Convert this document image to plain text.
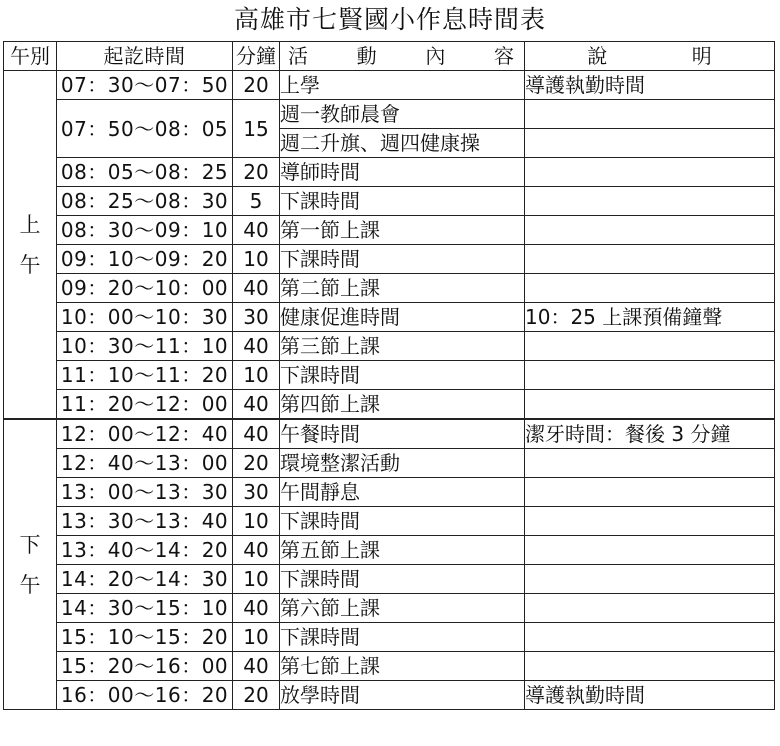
高雄市七賢國小作息時間表
午別	起訖時間	分鐘	活 動 內 容	說 明

上
午	07：30～07：50	20	上學	導護執勤時間
	07：50～08：05	15	週一教師晨會	
			週二升旗、週四健康操	
	08：05～08：25	20	導師時間	
	08：25～08：30	5	下課時間	
	08：30～09：10	40	第一節上課	
	09：10～09：20	10	下課時間	
	09：20～10：00	40	第二節上課	
	10：00～10：30	30	健康促進時間	10：25 上課預備鐘聲
	10：30～11：10	40	第三節上課	
	11：10～11：20	10	下課時間	
	11：20～12：00	40	第四節上課	

下
午	12：00～12：40	40	午餐時間	潔牙時間：餐後 3 分鐘
	12：40～13：00	20	環境整潔活動	
	13：00～13：30	30	午間靜息	
	13：30～13：40	10	下課時間	
	13：40～14：20	40	第五節上課	
	14：20～14：30	10	下課時間	
	14：30～15：10	40	第六節上課	
	15：10～15：20	10	下課時間	
	15：20～16：00	40	第七節上課	
	16：00～16：20	20	放學時間	導護執勤時間
